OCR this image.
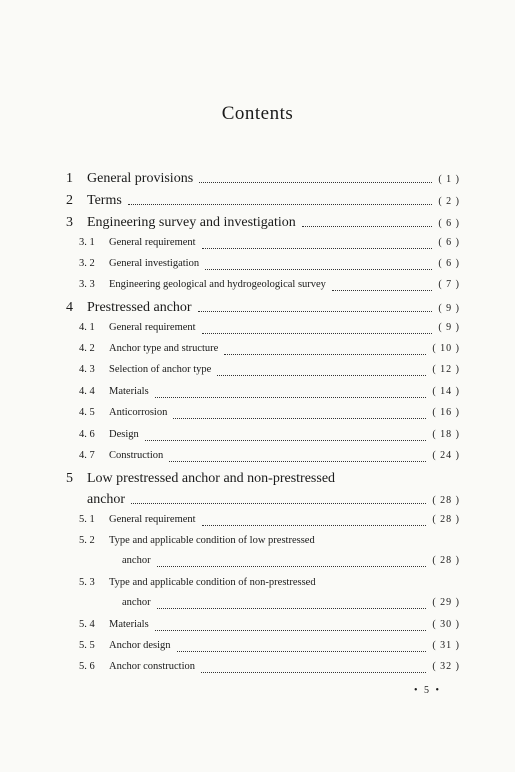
Contents
1	General provisions	( 1 )
2	Terms	( 2 )
3	Engineering survey and investigation	( 6 )
3. 1	General requirement	( 6 )
3. 2	General investigation	( 6 )
3. 3	Engineering geological and hydrogeological survey	( 7 )
4	Prestressed anchor	( 9 )
4. 1	General requirement	( 9 )
4. 2	Anchor type and structure	( 10 )
4. 3	Selection of anchor type	( 12 )
4. 4	Materials	( 14 )
4. 5	Anticorrosion	( 16 )
4. 6	Design	( 18 )
4. 7	Construction	( 24 )
5	Low prestressed anchor and non-prestressed
anchor	( 28 )
5. 1	General requirement	( 28 )
5. 2	Type and applicable condition of low prestressed
anchor	( 28 )
5. 3	Type and applicable condition of non-prestressed
anchor	( 29 )
5. 4	Materials	( 30 )
5. 5	Anchor design	( 31 )
5. 6	Anchor construction	( 32 )
• 5 •
